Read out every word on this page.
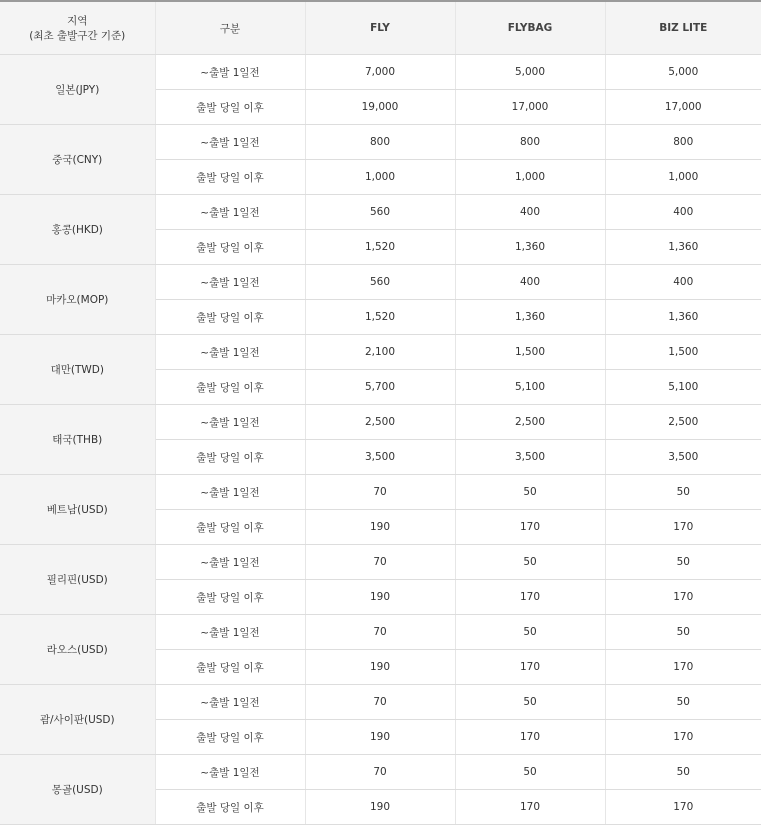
지역
(최초 출발구간 기준)	구분	FLY	FLYBAG	BIZ LITE
일본(JPY)	~출발 1일전	7,000	5,000	5,000
	출발 당일 이후	19,000	17,000	17,000
중국(CNY)	~출발 1일전	800	800	800
	출발 당일 이후	1,000	1,000	1,000
홍콩(HKD)	~출발 1일전	560	400	400
	출발 당일 이후	1,520	1,360	1,360
마카오(MOP)	~출발 1일전	560	400	400
	출발 당일 이후	1,520	1,360	1,360
대만(TWD)	~출발 1일전	2,100	1,500	1,500
	출발 당일 이후	5,700	5,100	5,100
태국(THB)	~출발 1일전	2,500	2,500	2,500
	출발 당일 이후	3,500	3,500	3,500
베트남(USD)	~출발 1일전	70	50	50
	출발 당일 이후	190	170	170
필리핀(USD)	~출발 1일전	70	50	50
	출발 당일 이후	190	170	170
라오스(USD)	~출발 1일전	70	50	50
	출발 당일 이후	190	170	170
괌/사이판(USD)	~출발 1일전	70	50	50
	출발 당일 이후	190	170	170
몽골(USD)	~출발 1일전	70	50	50
	출발 당일 이후	190	170	170
